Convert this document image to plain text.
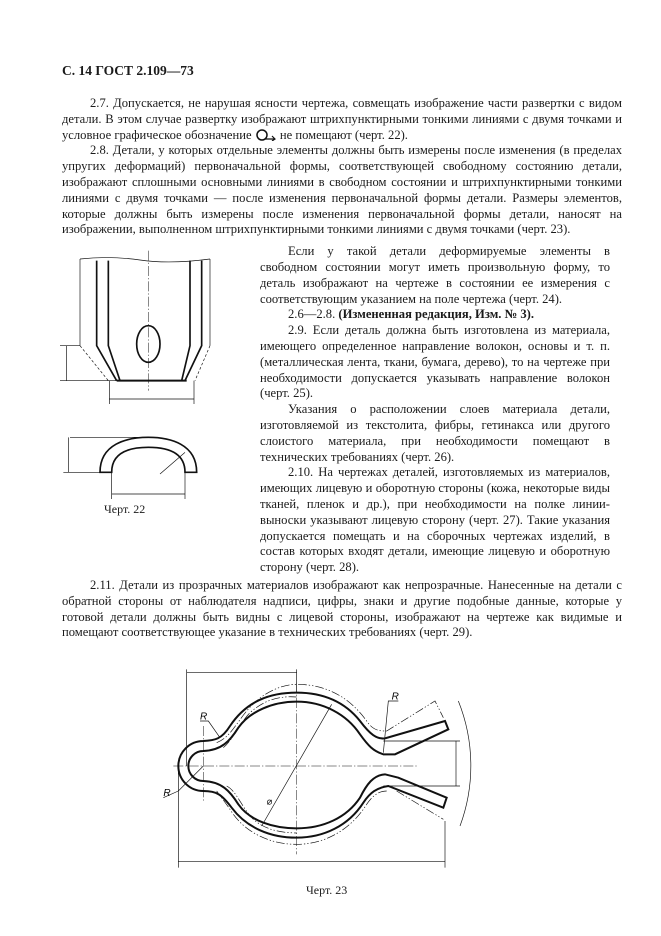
С. 14 ГОСТ 2.109—73

2.7. Допускается, не нарушая ясности чертежа, совмещать изображение части развертки с видом детали. В этом случае развертку изображают штрихпунктирными тонкими линиями с двумя точками и условное графическое обозначение не помещают (черт. 22).

2.8. Детали, у которых отдельные элементы должны быть измерены после изменения (в пределах упругих деформаций) первоначальной формы, соответствующей свободному состоянию детали, изображают сплошными основными линиями в свободном состоянии и штрихпунктирными тонкими линиями с двумя точками — после изменения первоначальной формы детали. Размеры элементов, которые должны быть измерены после изменения первоначальной формы детали, наносят на изображении, выполненном штрихпунктирными тонкими линиями с двумя точками (черт. 23).

Черт. 22

Если у такой детали деформируемые элементы в свободном состоянии могут иметь произвольную форму, то деталь изображают на чертеже в состоянии ее измерения с соответствующим указанием на поле чертежа (черт. 24).

2.6—2.8. (Измененная редакция, Изм. № 3).

2.9. Если деталь должна быть изготовлена из материала, имеющего определенное направление волокон, основы и т. п. (металлическая лента, ткани, бумага, дерево), то на чертеже при необходимости допускается указывать направление волокон (черт. 25).

Указания о расположении слоев материала детали, изготовляемой из текстолита, фибры, гетинакса или другого слоистого материала, при необходимости помещают в технических требованиях (черт. 26).

2.10. На чертежах деталей, изготовляемых из материалов, имеющих лицевую и оборотную стороны (кожа, некоторые виды тканей, пленок и др.), при необходимости на полке линии-выноски указывают лицевую сторону (черт. 27). Такие указания допускается помещать и на сборочных чертежах изделий, в состав которых входят детали, имеющие лицевую и оборотную сторону (черт. 28).

2.11. Детали из прозрачных материалов изображают как непрозрачные. Нанесенные на детали с обратной стороны от наблюдателя надписи, цифры, знаки и другие подобные данные, которые у готовой детали должны быть видны с лицевой стороны, изображают на чертеже как видимые и помещают соответствующее указание в технических требованиях (черт. 29).

R
R
R
⌀
Черт. 23
